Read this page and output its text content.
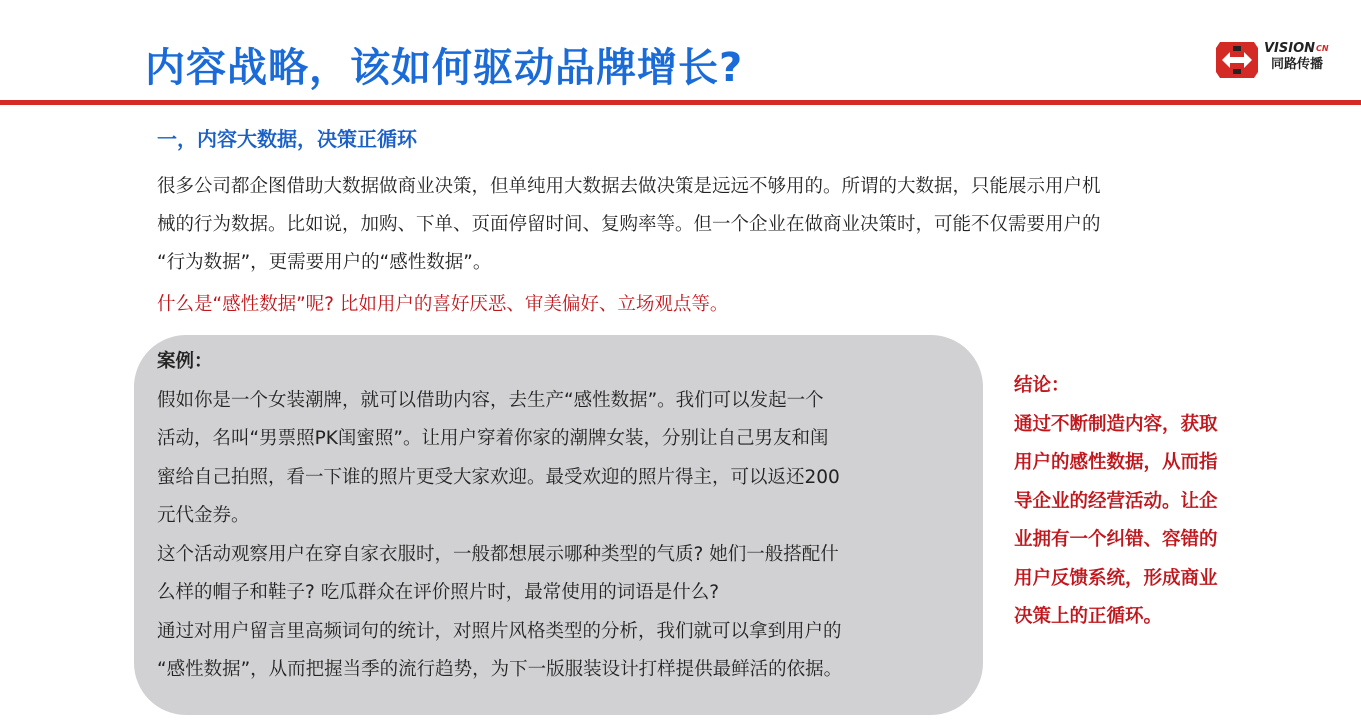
内容战略，该如何驱动品牌增长?	$VISION^{CN}$
同路传播
一，内容大数据，决策正循环

很多公司都企图借助大数据做商业决策，但单纯用大数据去做决策是远远不够用的。所谓的大数据，只能展示用户机

械的行为数据。比如说，加购、下单、页面停留时间、复购率等。但一个企业在做商业决策时，可能不仅需要用户的

“行为数据”，更需要用户的“感性数据”。

什么是“感性数据”呢? 比如用户的喜好厌恶、审美偏好、立场观点等。

案例：

假如你是一个女装潮牌，就可以借助内容，去生产“感性数据”。我们可以发起一个

活动，名叫“男票照PK闺蜜照”。让用户穿着你家的潮牌女装，分别让自己男友和闺

蜜给自己拍照，看一下谁的照片更受大家欢迎。最受欢迎的照片得主，可以返还200

元代金券。

这个活动观察用户在穿自家衣服时，一般都想展示哪种类型的气质? 她们一般搭配什

么样的帽子和鞋子? 吃瓜群众在评价照片时，最常使用的词语是什么?

通过对用户留言里高频词句的统计，对照片风格类型的分析，我们就可以拿到用户的

“感性数据”，从而把握当季的流行趋势，为下一版服装设计打样提供最鲜活的依据。

结论：

通过不断制造内容，获取

用户的感性数据，从而指

导企业的经营活动。让企

业拥有一个纠错、容错的

用户反馈系统，形成商业

决策上的正循环。
